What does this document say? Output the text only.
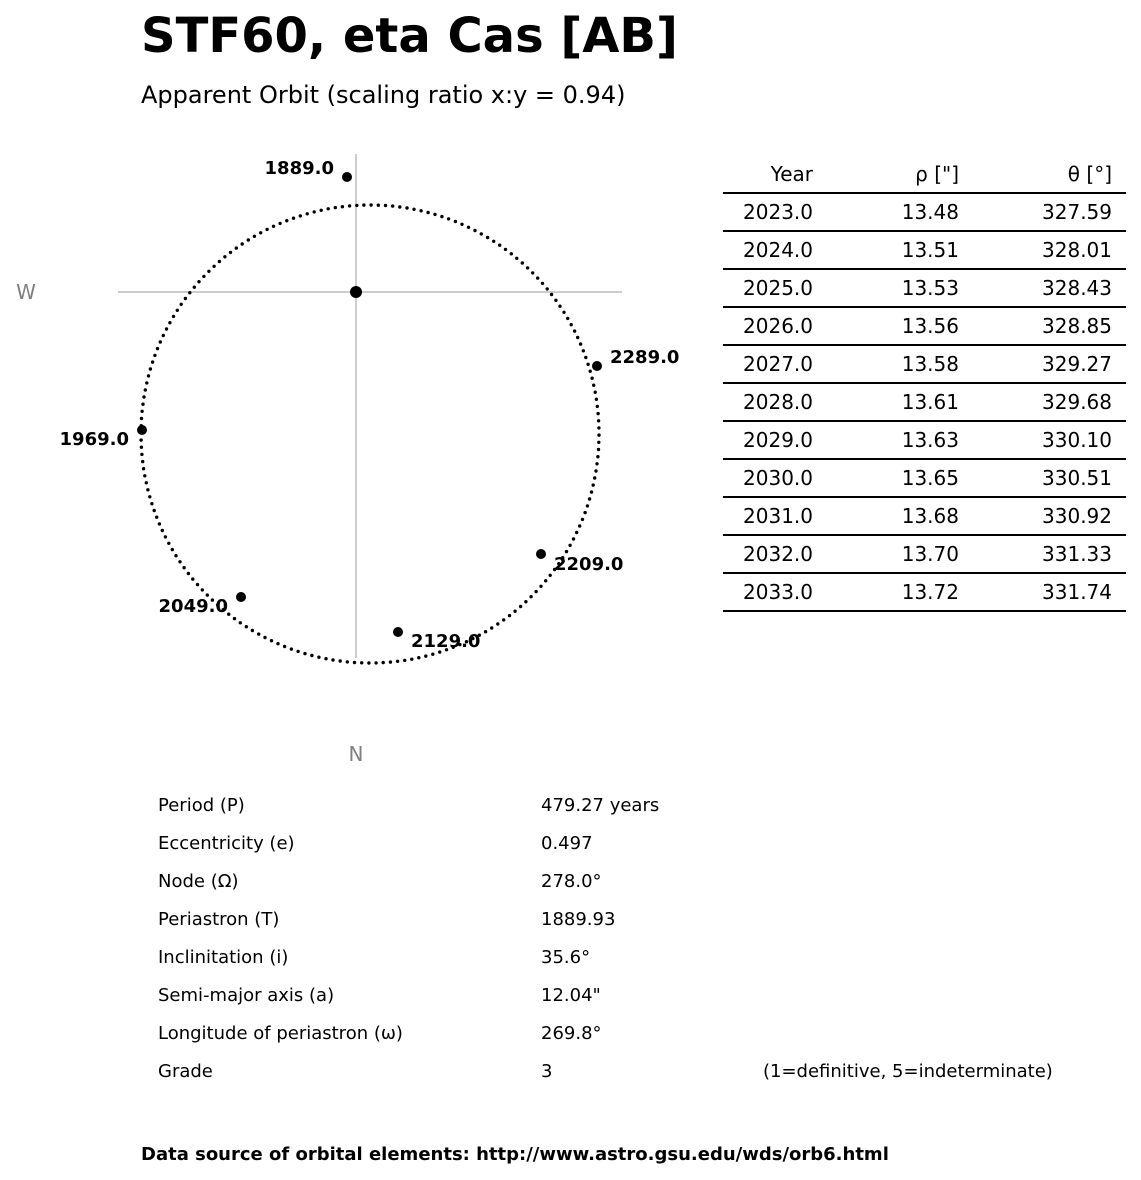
STF60, eta Cas [AB]
Apparent Orbit (scaling ratio x:y = 0.94)
1889.0
1969.0
2049.0
2129.0
2209.0
2289.0
W
N
Year	ρ ["]	θ [°]
2023.0	13.48	327.59
2024.0	13.51	328.01
2025.0	13.53	328.43
2026.0	13.56	328.85
2027.0	13.58	329.27
2028.0	13.61	329.68
2029.0	13.63	330.10
2030.0	13.65	330.51
2031.0	13.68	330.92
2032.0	13.70	331.33
2033.0	13.72	331.74
Period (P)	479.27 years
Eccentricity (e)	0.497
Node (Ω)	278.0°
Periastron (T)	1889.93
Inclinitation (i)	35.6°
Semi-major axis (a)	12.04"
Longitude of periastron (ω)	269.8°
Grade	3	(1=definitive, 5=indeterminate)
Data source of orbital elements: http://www.astro.gsu.edu/wds/orb6.html
